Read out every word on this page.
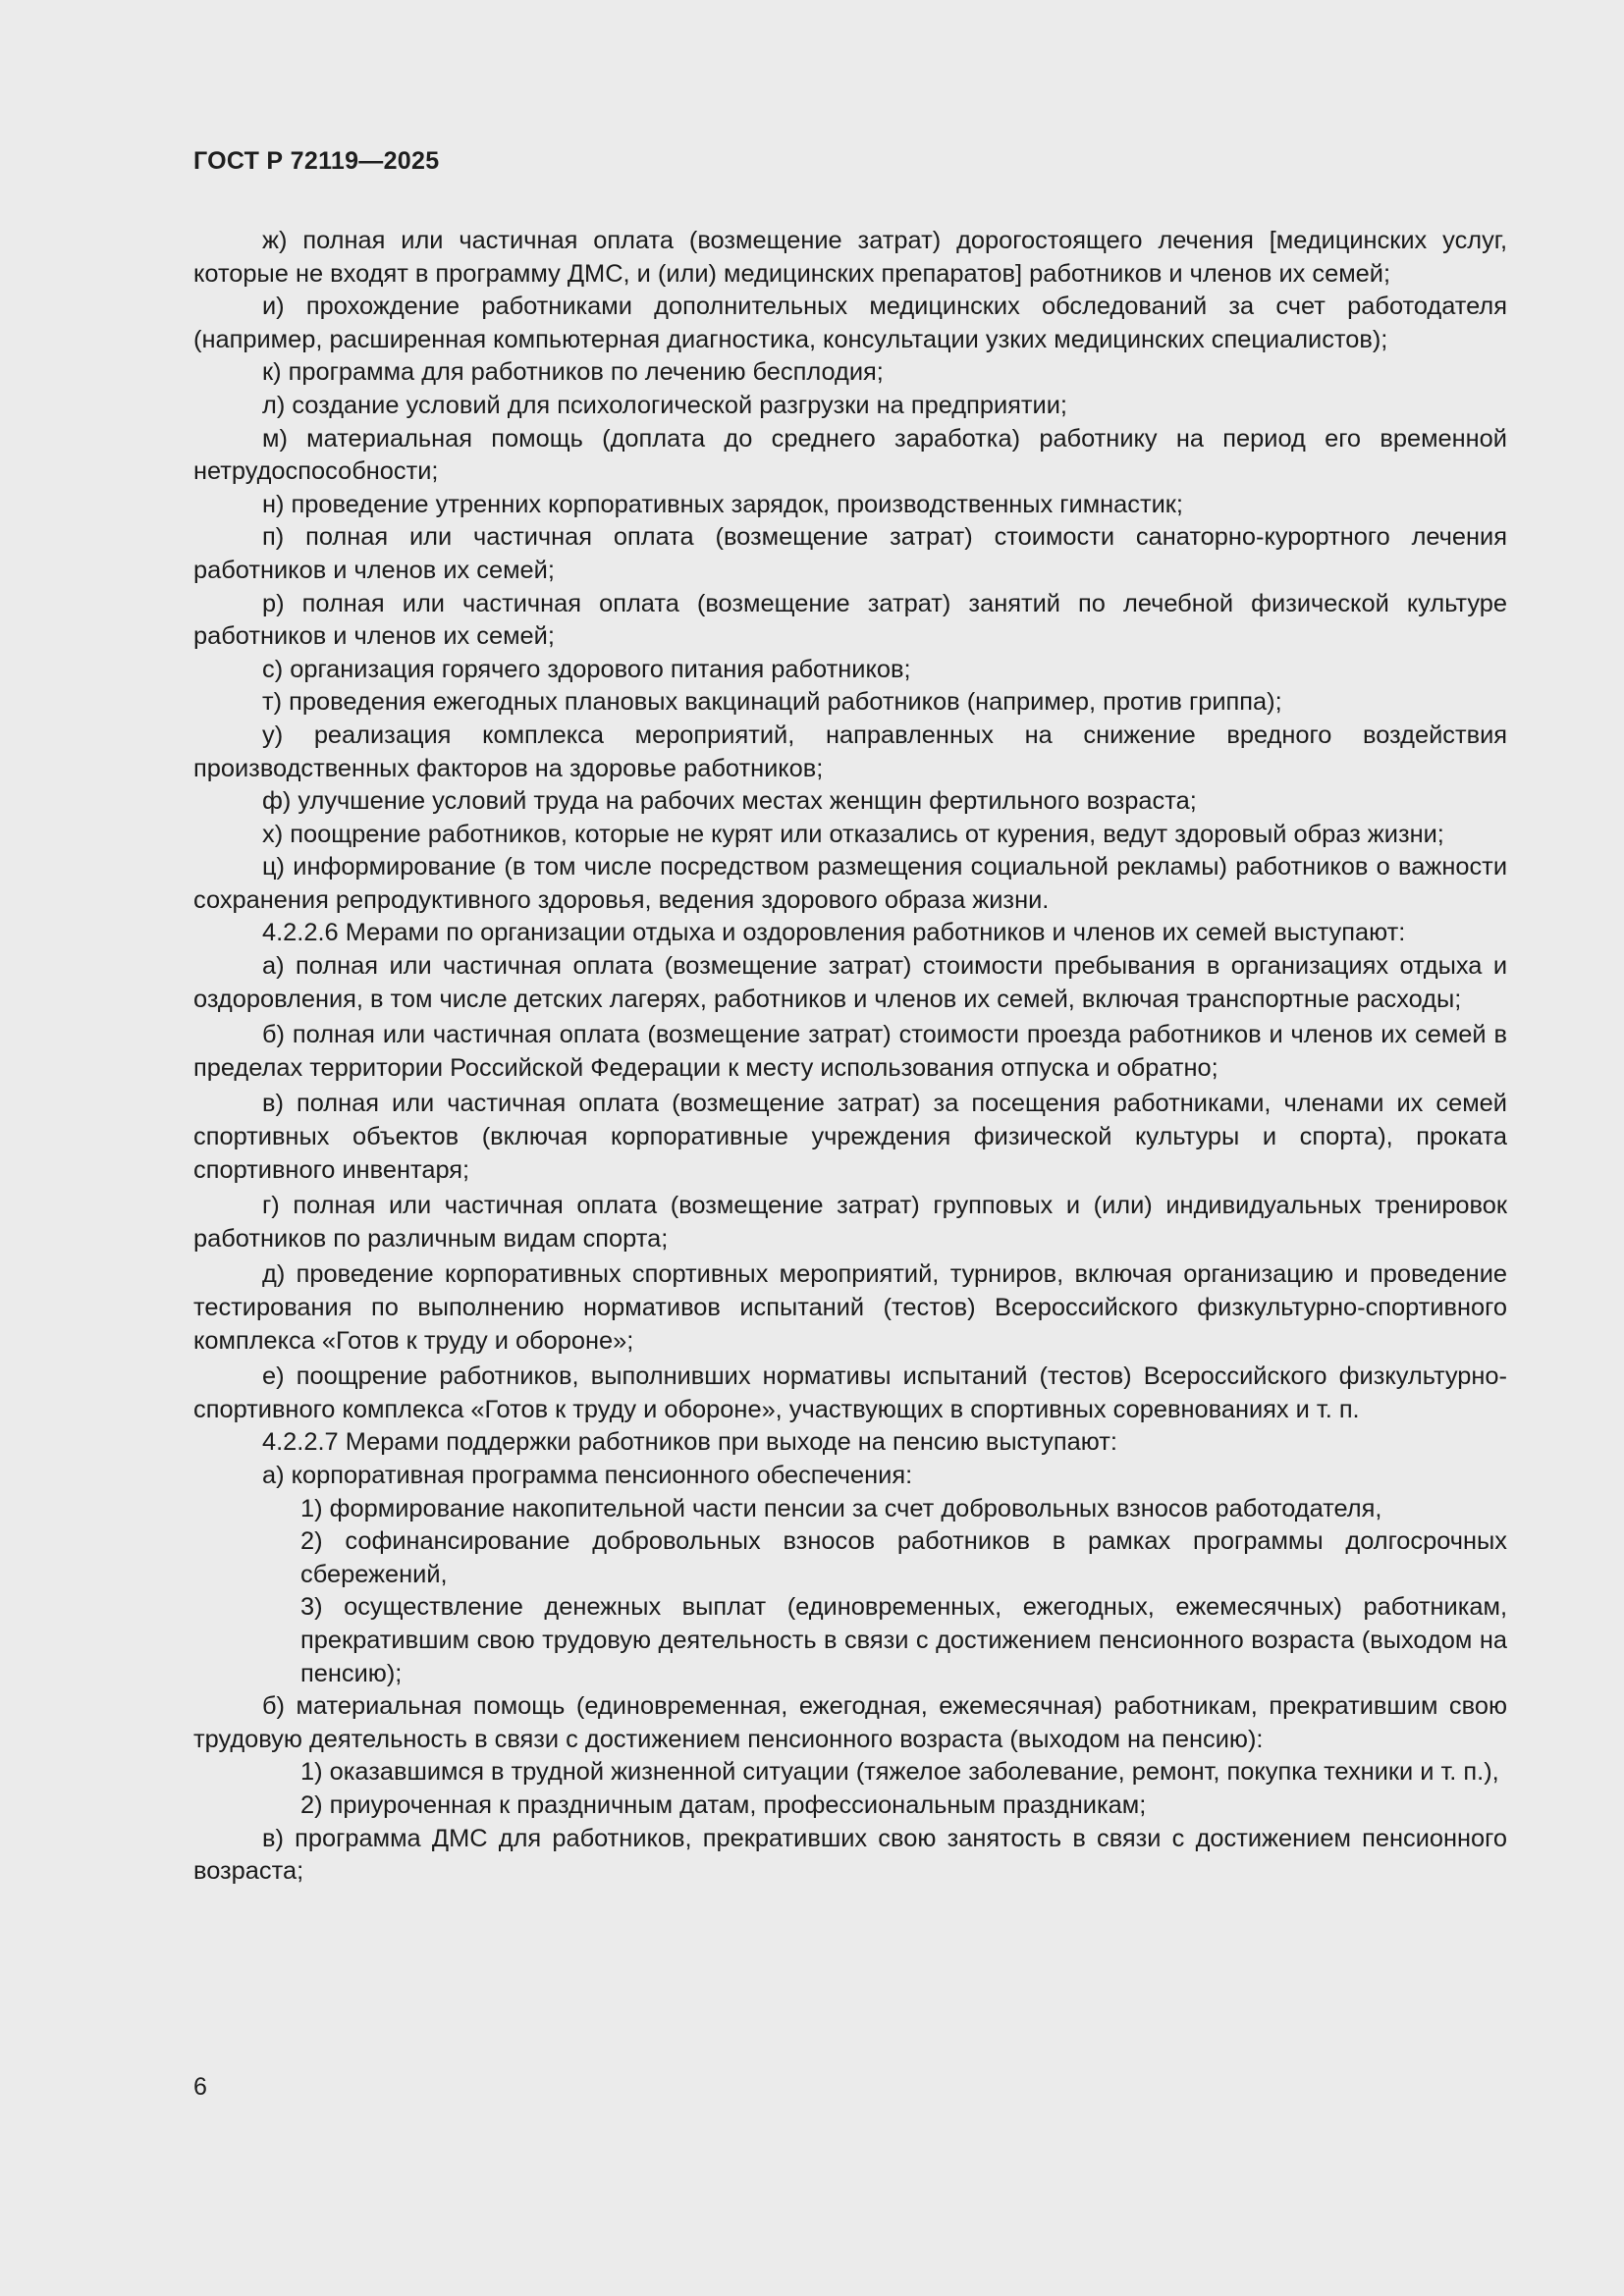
ГОСТ Р 72119—2025

ж) полная или частичная оплата (возмещение затрат) дорогостоящего лечения [медицинских услуг, которые не входят в программу ДМС, и (или) медицинских препаратов] работников и членов их семей;

и) прохождение работниками дополнительных медицинских обследований за счет работодателя (например, расширенная компьютерная диагностика, консультации узких медицинских специалистов);

к) программа для работников по лечению бесплодия;

л) создание условий для психологической разгрузки на предприятии;

м) материальная помощь (доплата до среднего заработка) работнику на период его временной нетрудоспособности;

н) проведение утренних корпоративных зарядок, производственных гимнастик;

п) полная или частичная оплата (возмещение затрат) стоимости санаторно-курортного лечения работников и членов их семей;

р) полная или частичная оплата (возмещение затрат) занятий по лечебной физической культуре работников и членов их семей;

с) организация горячего здорового питания работников;

т) проведения ежегодных плановых вакцинаций работников (например, против гриппа);

у) реализация комплекса мероприятий, направленных на снижение вредного воздействия производственных факторов на здоровье работников;

ф) улучшение условий труда на рабочих местах женщин фертильного возраста;

х) поощрение работников, которые не курят или отказались от курения, ведут здоровый образ жизни;

ц) информирование (в том числе посредством размещения социальной рекламы) работников о важности сохранения репродуктивного здоровья, ведения здорового образа жизни.

4.2.2.6 Мерами по организации отдыха и оздоровления работников и членов их семей выступают:

а) полная или частичная оплата (возмещение затрат) стоимости пребывания в организациях отдыха и оздоровления, в том числе детских лагерях, работников и членов их семей, включая транспортные расходы;

б) полная или частичная оплата (возмещение затрат) стоимости проезда работников и членов их семей в пределах территории Российской Федерации к месту использования отпуска и обратно;

в) полная или частичная оплата (возмещение затрат) за посещения работниками, членами их семей спортивных объектов (включая корпоративные учреждения физической культуры и спорта), проката спортивного инвентаря;

г) полная или частичная оплата (возмещение затрат) групповых и (или) индивидуальных тренировок работников по различным видам спорта;

д) проведение корпоративных спортивных мероприятий, турниров, включая организацию и проведение тестирования по выполнению нормативов испытаний (тестов) Всероссийского физкультурно-спортивного комплекса «Готов к труду и обороне»;

е) поощрение работников, выполнивших нормативы испытаний (тестов) Всероссийского физкультурно-спортивного комплекса «Готов к труду и обороне», участвующих в спортивных соревнованиях и т. п.

4.2.2.7 Мерами поддержки работников при выходе на пенсию выступают:

а) корпоративная программа пенсионного обеспечения:

1) формирование накопительной части пенсии за счет добровольных взносов работодателя,

2) софинансирование добровольных взносов работников в рамках программы долгосрочных сбережений,

3) осуществление денежных выплат (единовременных, ежегодных, ежемесячных) работникам, прекратившим свою трудовую деятельность в связи с достижением пенсионного возраста (выходом на пенсию);

б) материальная помощь (единовременная, ежегодная, ежемесячная) работникам, прекратившим свою трудовую деятельность в связи с достижением пенсионного возраста (выходом на пенсию):

1) оказавшимся в трудной жизненной ситуации (тяжелое заболевание, ремонт, покупка техники и т. п.),

2) приуроченная к праздничным датам, профессиональным праздникам;

в) программа ДМС для работников, прекративших свою занятость в связи с достижением пенсионного возраста;

6
